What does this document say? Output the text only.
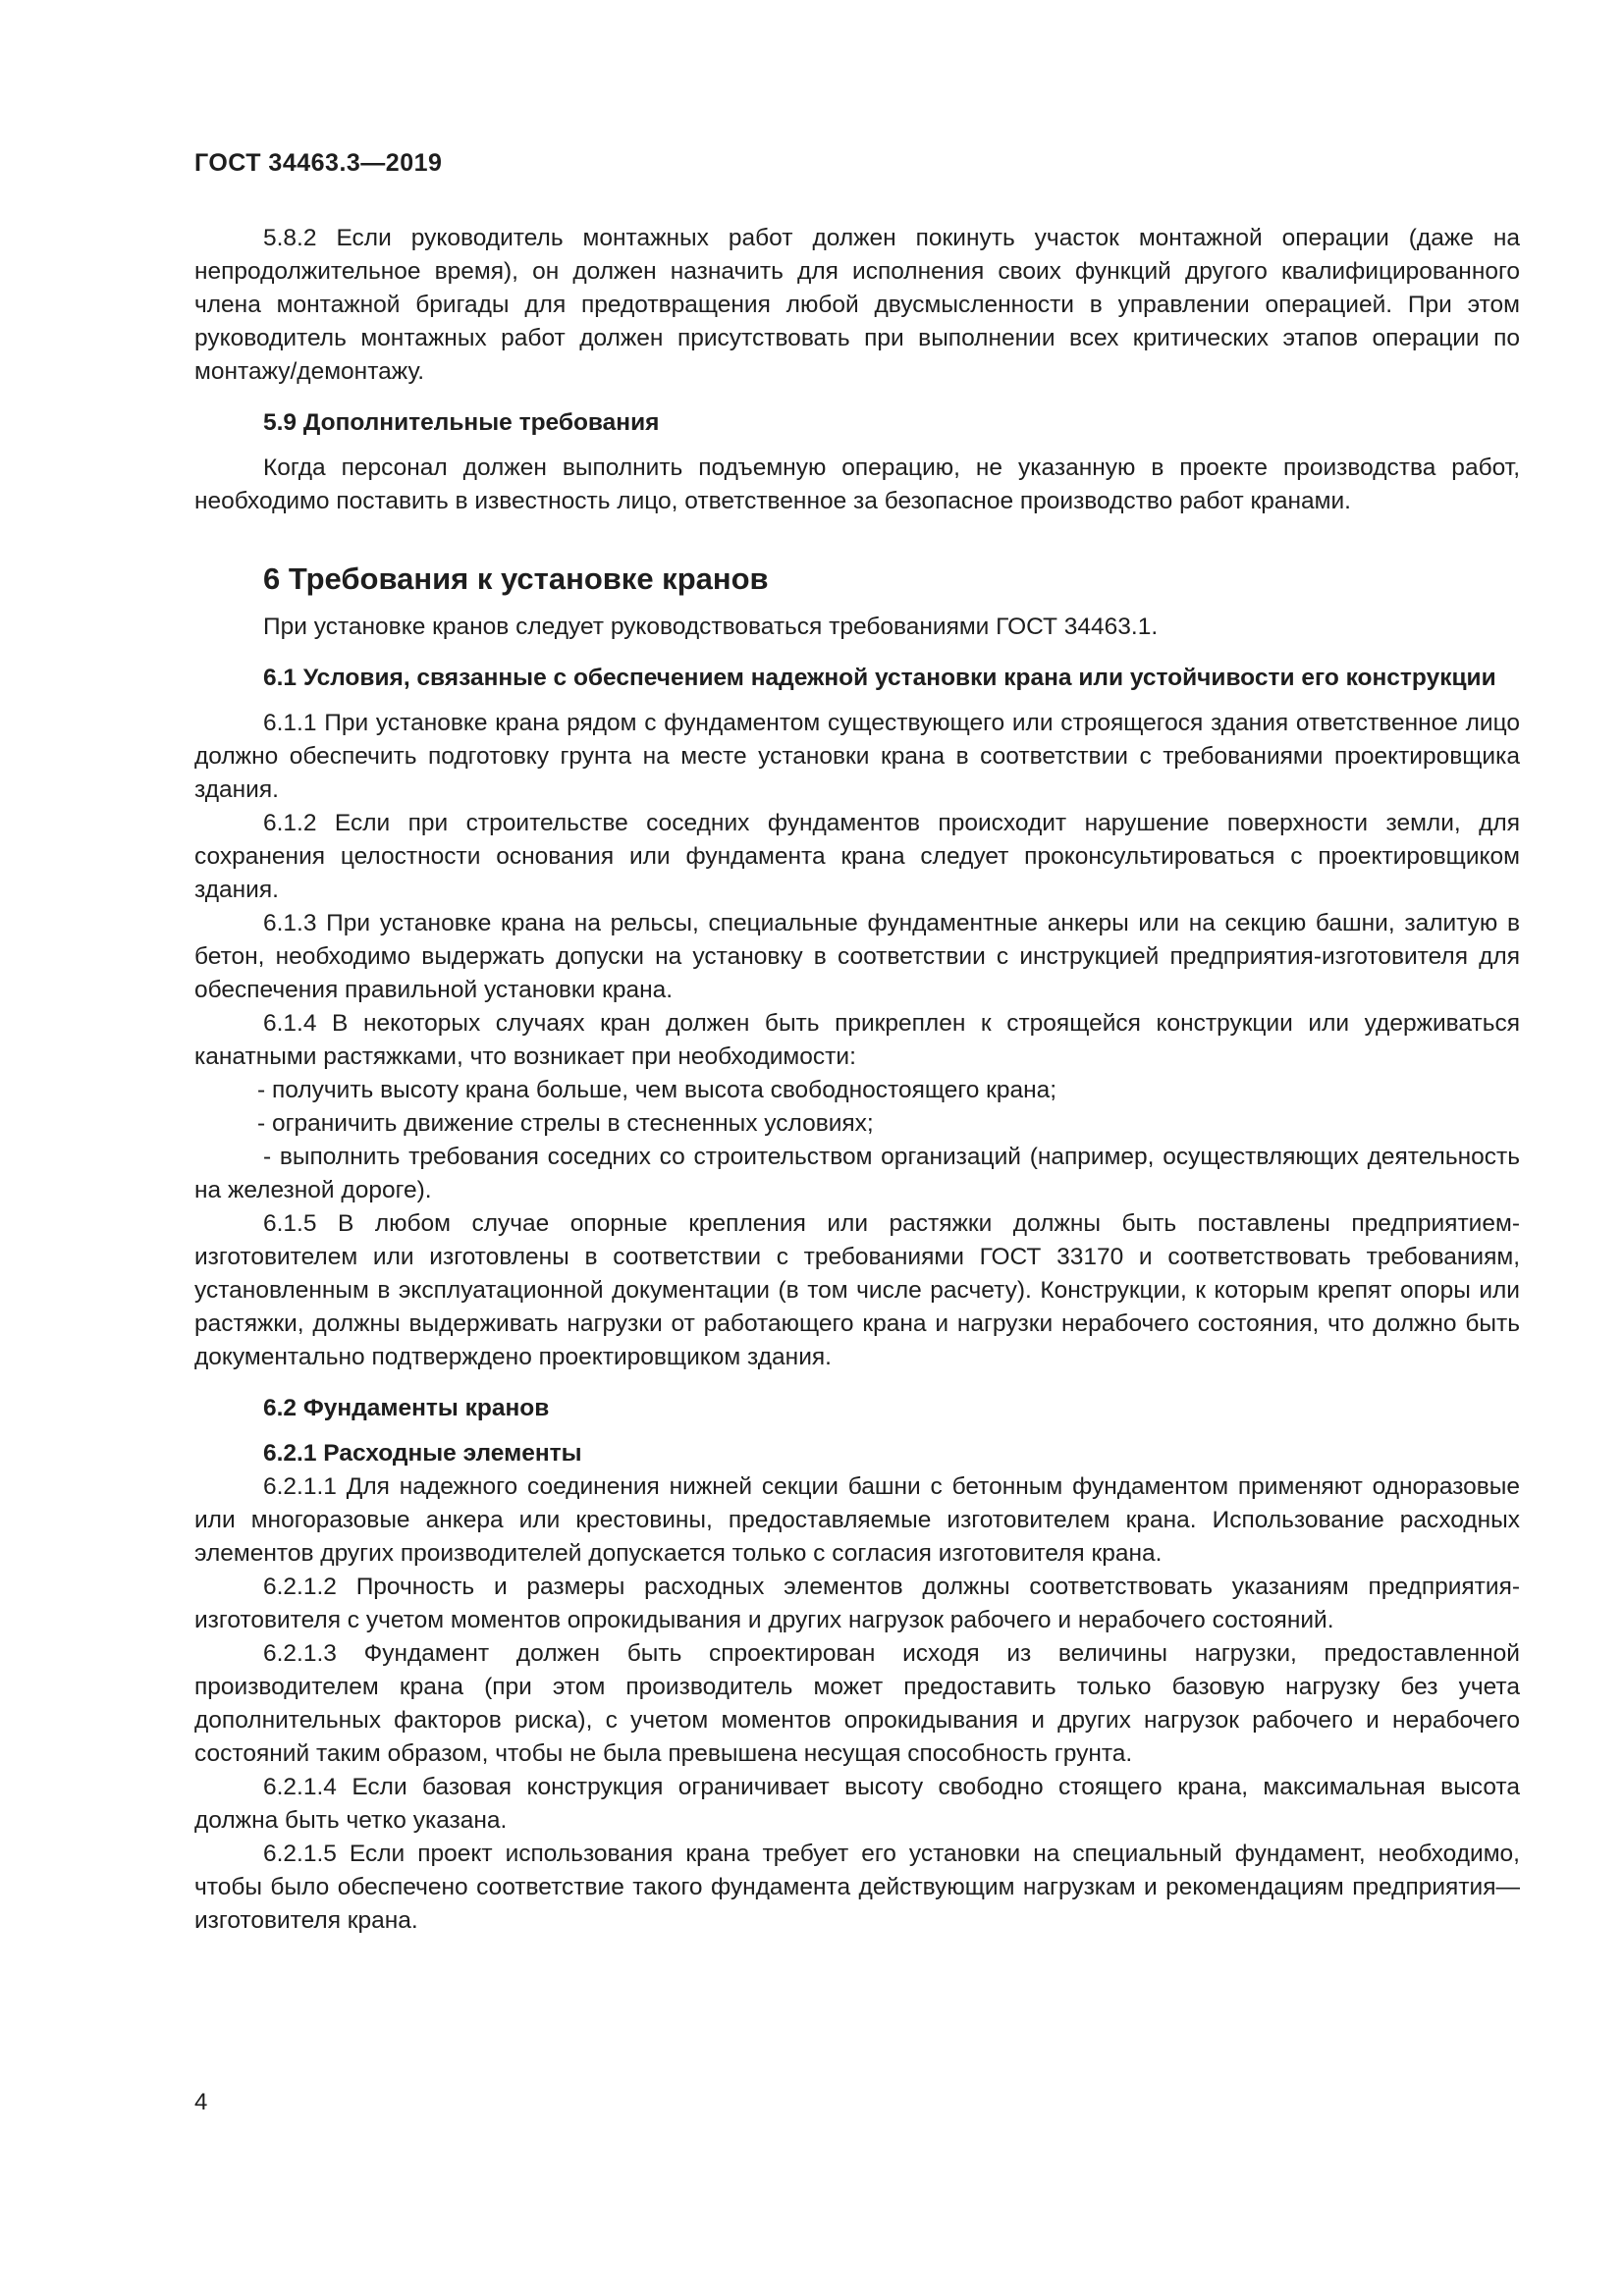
ГОСТ 34463.3—2019

5.8.2 Если руководитель монтажных работ должен покинуть участок монтажной операции (даже на непродолжительное время), он должен назначить для исполнения своих функций другого квалифицированного члена монтажной бригады для предотвращения любой двусмысленности в управлении операцией. При этом руководитель монтажных работ должен присутствовать при выполнении всех критических этапов операции по монтажу/демонтажу.

5.9 Дополнительные требования

Когда персонал должен выполнить подъемную операцию, не указанную в проекте производства работ, необходимо поставить в известность лицо, ответственное за безопасное производство работ кранами.

6 Требования к установке кранов

При установке кранов следует руководствоваться требованиями ГОСТ 34463.1.

6.1 Условия, связанные с обеспечением надежной установки крана или устойчивости его конструкции

6.1.1 При установке крана рядом с фундаментом существующего или строящегося здания ответственное лицо должно обеспечить подготовку грунта на месте установки крана в соответствии с требованиями проектировщика здания.

6.1.2 Если при строительстве соседних фундаментов происходит нарушение поверхности земли, для сохранения целостности основания или фундамента крана следует проконсультироваться с проектировщиком здания.

6.1.3 При установке крана на рельсы, специальные фундаментные анкеры или на секцию башни, залитую в бетон, необходимо выдержать допуски на установку в соответствии с инструкцией предприятия-изготовителя для обеспечения правильной установки крана.

6.1.4 В некоторых случаях кран должен быть прикреплен к строящейся конструкции или удерживаться канатными растяжками, что возникает при необходимости:

- получить высоту крана больше, чем высота свободностоящего крана;

- ограничить движение стрелы в стесненных условиях;

- выполнить требования соседних со строительством организаций (например, осуществляющих деятельность на железной дороге).

6.1.5 В любом случае опорные крепления или растяжки должны быть поставлены предприятием-изготовителем или изготовлены в соответствии с требованиями ГОСТ 33170 и соответствовать требованиям, установленным в эксплуатационной документации (в том числе расчету). Конструкции, к которым крепят опоры или растяжки, должны выдерживать нагрузки от работающего крана и нагрузки нерабочего состояния, что должно быть документально подтверждено проектировщиком здания.

6.2 Фундаменты кранов

6.2.1 Расходные элементы

6.2.1.1 Для надежного соединения нижней секции башни с бетонным фундаментом применяют одноразовые или многоразовые анкера или крестовины, предоставляемые изготовителем крана. Использование расходных элементов других производителей допускается только с согласия изготовителя крана.

6.2.1.2 Прочность и размеры расходных элементов должны соответствовать указаниям предприятия-изготовителя с учетом моментов опрокидывания и других нагрузок рабочего и нерабочего состояний.

6.2.1.3 Фундамент должен быть спроектирован исходя из величины нагрузки, предоставленной производителем крана (при этом производитель может предоставить только базовую нагрузку без учета дополнительных факторов риска), с учетом моментов опрокидывания и других нагрузок рабочего и нерабочего состояний таким образом, чтобы не была превышена несущая способность грунта.

6.2.1.4 Если базовая конструкция ограничивает высоту свободно стоящего крана, максимальная высота должна быть четко указана.

6.2.1.5 Если проект использования крана требует его установки на специальный фундамент, необходимо, чтобы было обеспечено соответствие такого фундамента действующим нагрузкам и рекомендациям предприятия—изготовителя крана.

4
